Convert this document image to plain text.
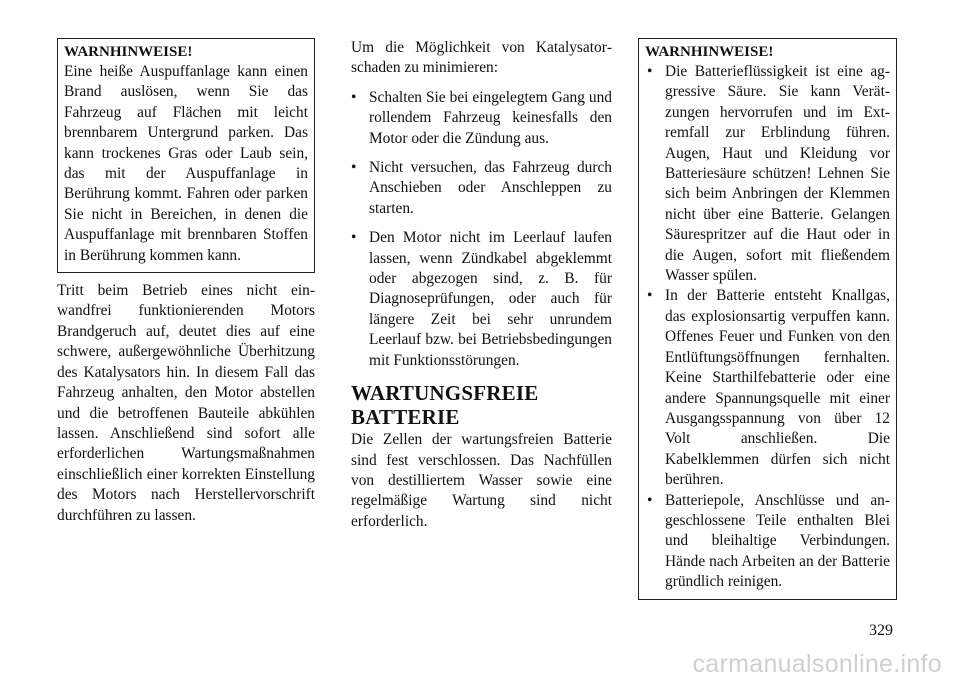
WARNHINWEISE!

Eine heiße Auspuffanlage kann einen Brand auslösen, wenn Sie das Fahrzeug auf Flächen mit leicht brennbarem Untergrund parken. Das kann trockenes Gras oder Laub sein, das mit der Auspuffanlage in Berührung kommt. Fahren oder parken Sie nicht in Bereichen, in denen die Auspuffanlage mit brennbaren Stoffen in Berührung kommen kann.

Tritt beim Betrieb eines nicht einwandfrei funktionierenden Motors Brandgeruch auf, deutet dies auf eine schwere, außergewöhnliche Überhitzung des Katalysators hin. In diesem Fall das Fahrzeug anhalten, den Motor abstellen und die betroffenen Bauteile abkühlen lassen. Anschließend sind sofort alle erforderlichen Wartungsmaßnahmen einschließlich einer korrekten Einstellung des Motors nach Herstellervorschrift durchführen zu lassen.

Um die Möglichkeit von Katalysatorschaden zu minimieren:

• Schalten Sie bei eingelegtem Gang und rollendem Fahrzeug keinesfalls den Motor oder die Zündung aus.
• Nicht versuchen, das Fahrzeug durch Anschieben oder Anschleppen zu starten.
• Den Motor nicht im Leerlauf laufen lassen, wenn Zündkabel abgeklemmt oder abgezogen sind, z. B. für Diagnoseprüfungen, oder auch für längere Zeit bei sehr unrundem Leerlauf bzw. bei Betriebsbedingungen mit Funktionsstörungen.
WARTUNGSFREIE
BATTERIE

Die Zellen der wartungsfreien Batterie sind fest verschlossen. Das Nachfüllen von destilliertem Wasser sowie eine regelmäßige Wartung sind nicht erforderlich.

WARNHINWEISE!
• Die Batterieflüssigkeit ist eine aggressive Säure. Sie kann Verätzungen hervorrufen und im Extremfall zur Erblindung führen. Augen, Haut und Kleidung vor Batteriesäure schützen! Lehnen Sie sich beim Anbringen der Klemmen nicht über eine Batterie. Gelangen Säurespritzer auf die Haut oder in die Augen, sofort mit fließendem Wasser spülen.
• In der Batterie entsteht Knallgas, das explosionsartig verpuffen kann. Offenes Feuer und Funken von den Entlüftungsöffnungen fernhalten. Keine Starthilfebatterie oder eine andere Spannungsquelle mit einer Ausgangsspannung von über 12 Volt anschließen. Die Kabelklemmen dürfen sich nicht berühren.
• Batteriepole, Anschlüsse und angeschlossene Teile enthalten Blei und bleihaltige Verbindungen. Hände nach Arbeiten an der Batterie gründlich reinigen.
329
carmanualsonline.info
